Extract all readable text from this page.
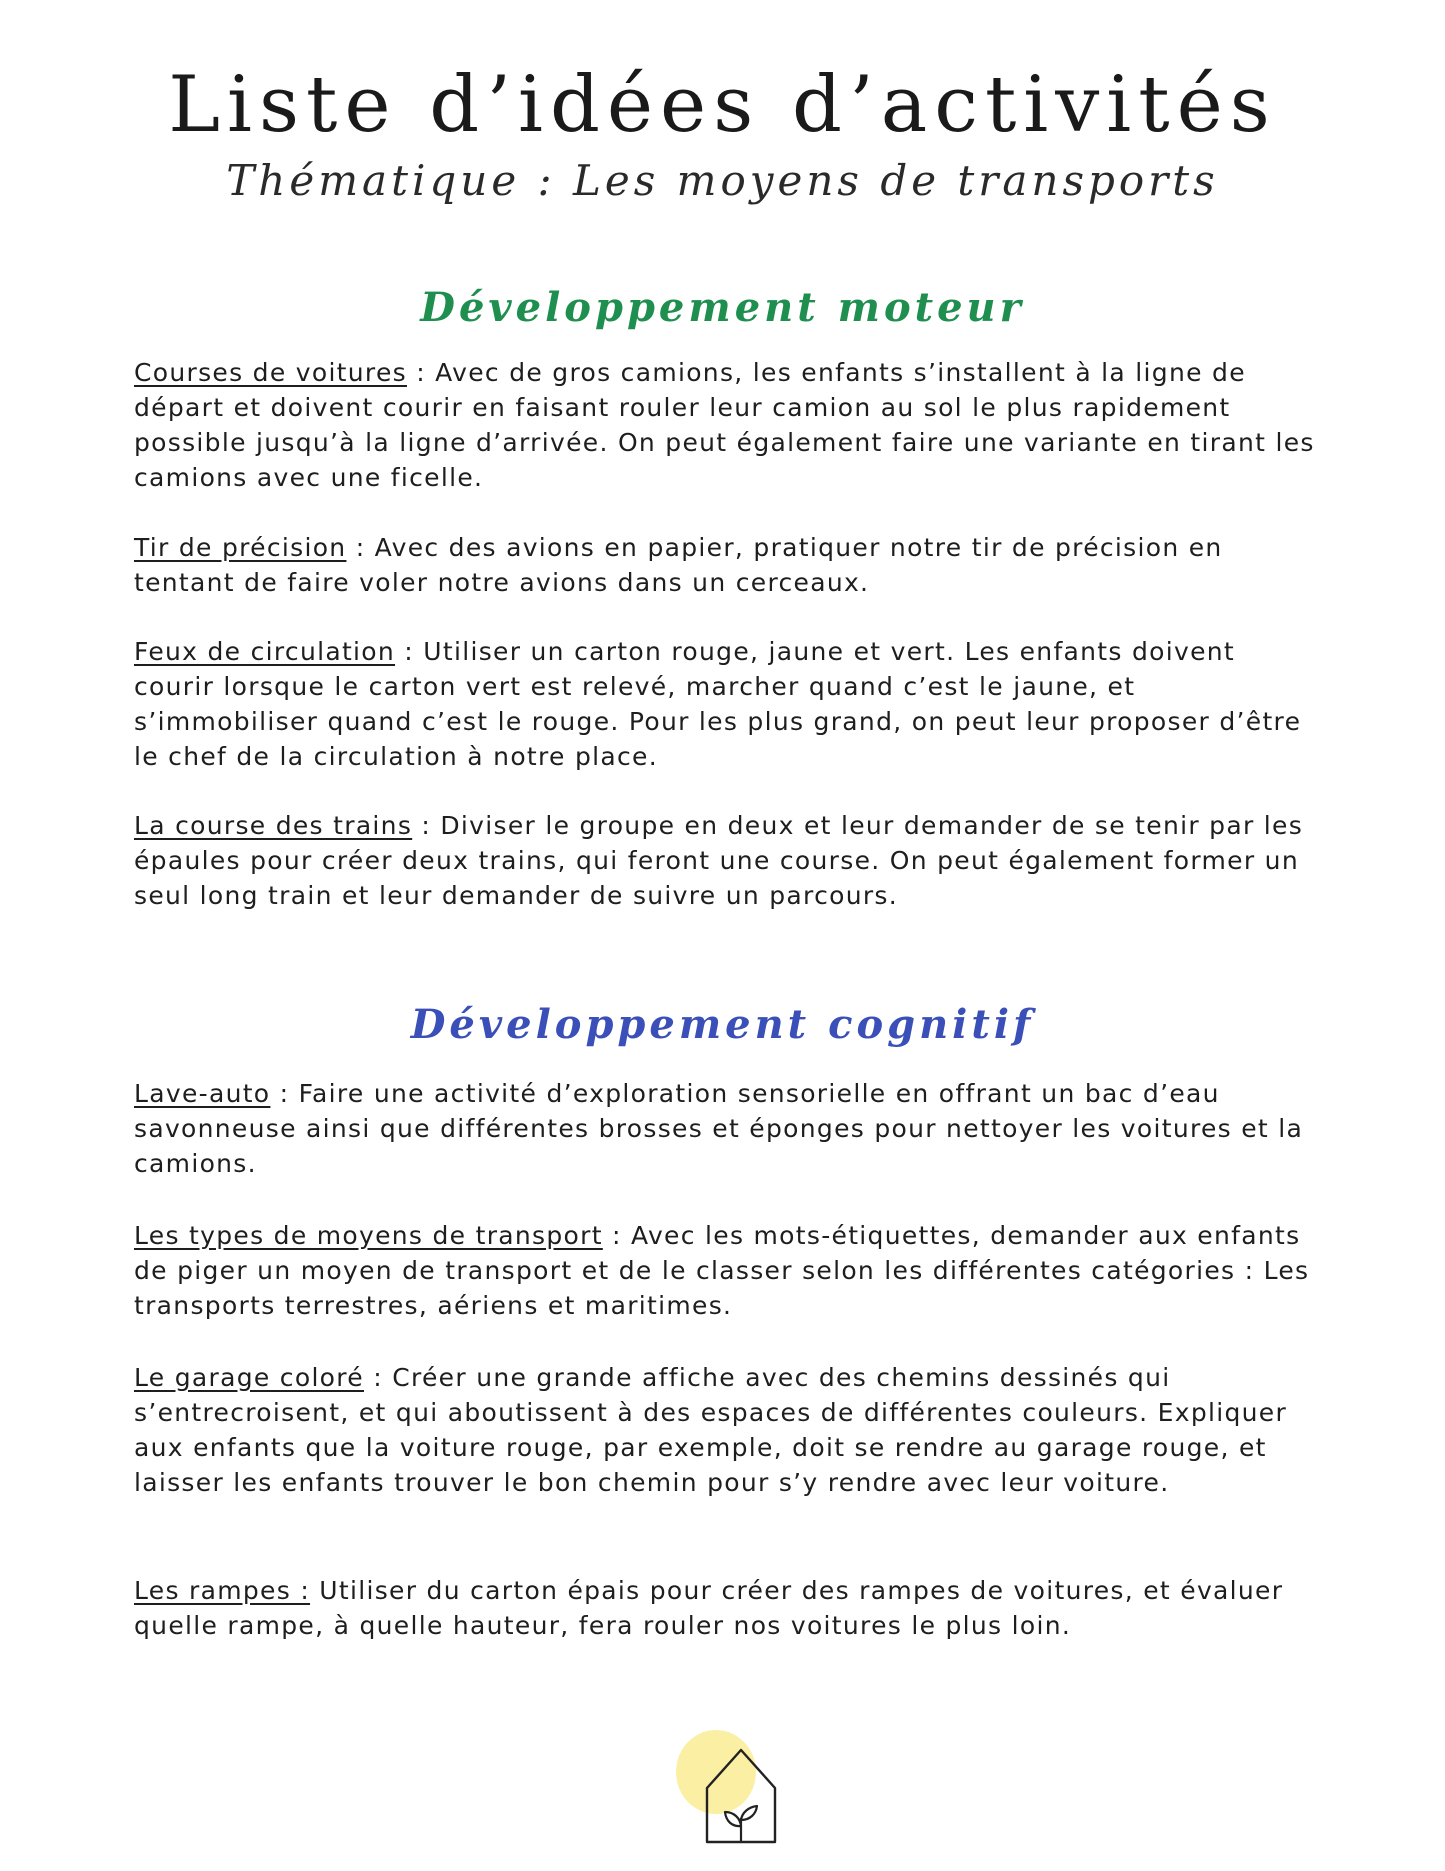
Liste d’idées d’activités
Thématique : Les moyens de transports
Développement moteur

Courses de voitures : Avec de gros camions, les enfants s’installent à la ligne de départ et doivent courir en faisant rouler leur camion au sol le plus rapidement possible jusqu’à la ligne d’arrivée. On peut également faire une variante en tirant les camions avec une ficelle.

Tir de précision : Avec des avions en papier, pratiquer notre tir de précision en tentant de faire voler notre avions dans un cerceaux.

Feux de circulation : Utiliser un carton rouge, jaune et vert. Les enfants doivent courir lorsque le carton vert est relevé, marcher quand c’est le jaune, et s’immobiliser quand c’est le rouge. Pour les plus grand, on peut leur proposer d’être le chef de la circulation à notre place.

La course des trains : Diviser le groupe en deux et leur demander de se tenir par les épaules pour créer deux trains, qui feront une course. On peut également former un seul long train et leur demander de suivre un parcours.

Développement cognitif

Lave-auto : Faire une activité d’exploration sensorielle en offrant un bac d’eau savonneuse ainsi que différentes brosses et éponges pour nettoyer les voitures et la camions.

Les types de moyens de transport : Avec les mots-étiquettes, demander aux enfants de piger un moyen de transport et de le classer selon les différentes catégories : Les transports terrestres, aériens et maritimes.

Le garage coloré : Créer une grande affiche avec des chemins dessinés qui s’entrecroisent, et qui aboutissent à des espaces de différentes couleurs. Expliquer aux enfants que la voiture rouge, par exemple, doit se rendre au garage rouge, et laisser les enfants trouver le bon chemin pour s’y rendre avec leur voiture.

Les rampes : Utiliser du carton épais pour créer des rampes de voitures, et évaluer quelle rampe, à quelle hauteur, fera rouler nos voitures le plus loin.
